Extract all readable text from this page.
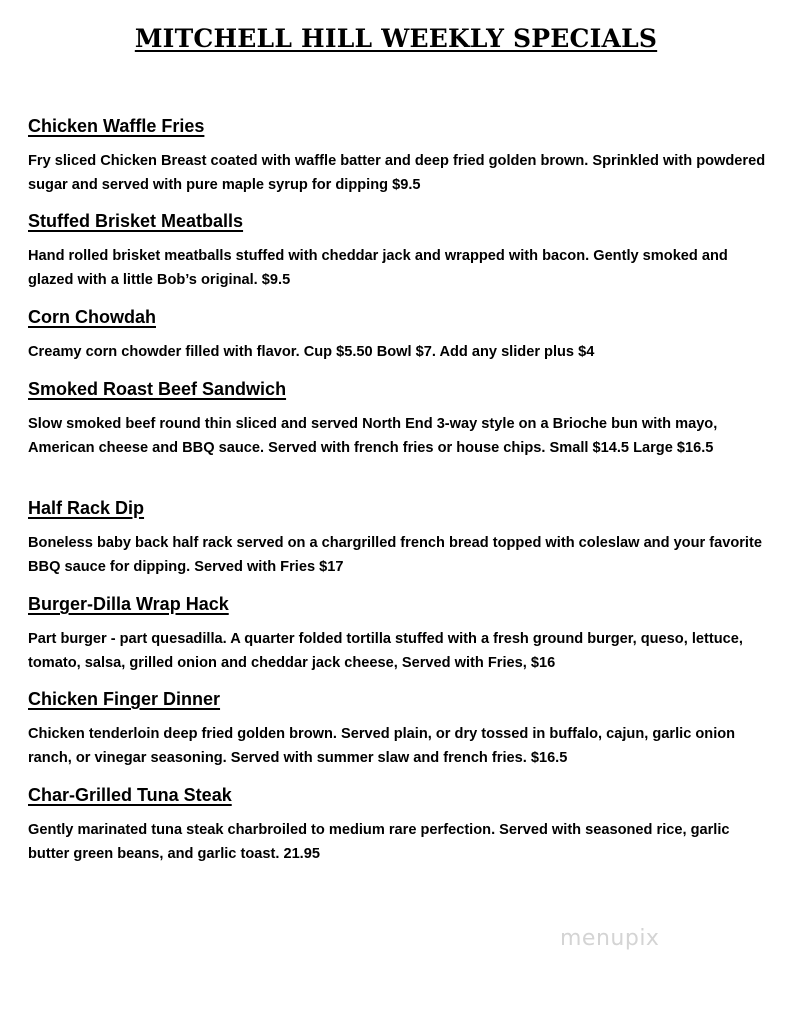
MITCHELL HILL WEEKLY SPECIALS

Chicken Waffle Fries

Fry sliced Chicken Breast coated with waffle batter and deep fried golden brown. Sprinkled with powdered sugar and served with pure maple syrup for dipping $9.5

Stuffed Brisket Meatballs

Hand rolled brisket meatballs stuffed with cheddar jack and wrapped with bacon. Gently smoked and glazed with a little Bob’s original. $9.5

Corn Chowdah

Creamy corn chowder filled with flavor. Cup $5.50 Bowl $7. Add any slider plus $4

Smoked Roast Beef Sandwich

Slow smoked beef round thin sliced and served North End 3-way style on a Brioche bun with mayo, American cheese and BBQ sauce. Served with french fries or house chips. Small $14.5 Large $16.5

Half Rack Dip

Boneless baby back half rack served on a chargrilled french bread topped with coleslaw and your favorite BBQ sauce for dipping. Served with Fries $17

Burger-Dilla Wrap Hack

Part burger - part quesadilla. A quarter folded tortilla stuffed with a fresh ground burger, queso, lettuce, tomato, salsa, grilled onion and cheddar jack cheese, Served with Fries, $16

Chicken Finger Dinner

Chicken tenderloin deep fried golden brown. Served plain, or dry tossed in buffalo, cajun, garlic onion ranch, or vinegar seasoning. Served with summer slaw and french fries. $16.5

Char-Grilled Tuna Steak

Gently marinated tuna steak charbroiled to medium rare perfection. Served with seasoned rice, garlic butter green beans, and garlic toast. 21.95

menupix
